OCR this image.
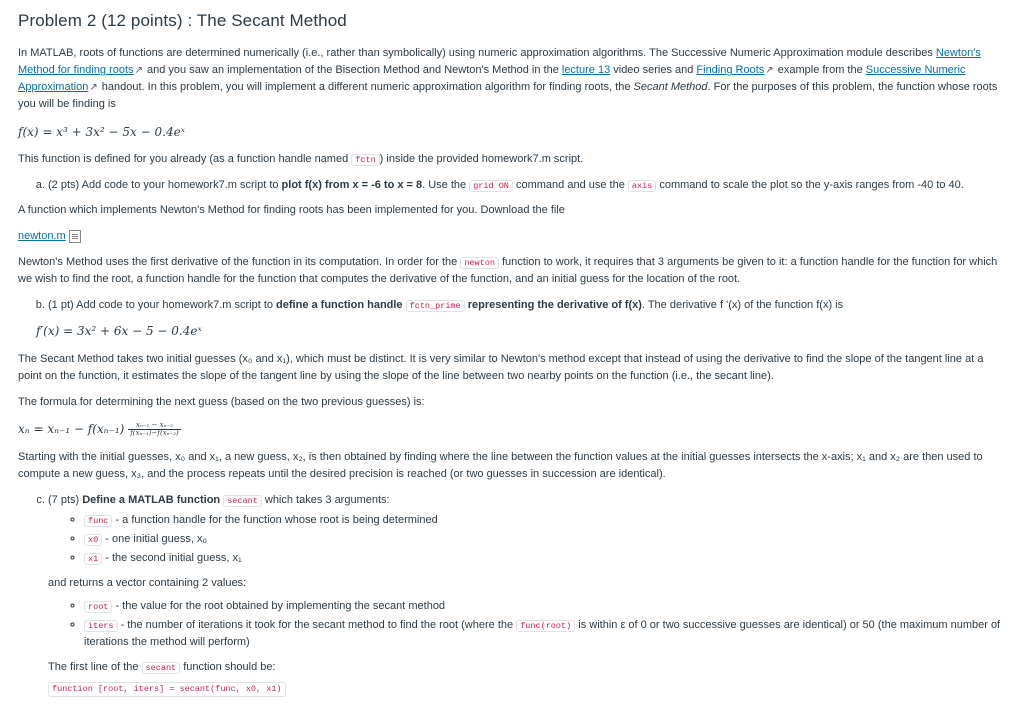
Problem 2 (12 points) : The Secant Method

In MATLAB, roots of functions are determined numerically (i.e., rather than symbolically) using numeric approximation algorithms. The Successive Numeric Approximation module describes Newton's Method for finding roots↗ and you saw an implementation of the Bisection Method and Newton's Method in the lecture 13 video series and Finding Roots↗ example from the Successive Numeric Approximation↗ handout. In this problem, you will implement a different numeric approximation algorithm for finding roots, the Secant Method. For the purposes of this problem, the function whose roots you will be finding is

f(x) = x³ + 3x² − 5x − 0.4eˣ

This function is defined for you already (as a function handle named fctn ) inside the provided homework7.m script.

a. (2 pts) Add code to your homework7.m script to plot f(x) from x = -6 to x = 8. Use the grid ON command and use the axis command to scale the plot so the y-axis ranges from -40 to 40.

A function which implements Newton's Method for finding roots has been implemented for you. Download the file

newton.m

Newton's Method uses the first derivative of the function in its computation. In order for the newton function to work, it requires that 3 arguments be given to it: a function handle for the function for which we wish to find the root, a function handle for the function that computes the derivative of the function, and an initial guess for the location of the root.

b. (1 pt) Add code to your homework7.m script to define a function handle fctn_prime representing the derivative of f(x). The derivative f '(x) of the function f(x) is
f′(x) = 3x² + 6x − 5 − 0.4eˣ

The Secant Method takes two initial guesses (x₀ and x₁), which must be distinct. It is very similar to Newton's method except that instead of using the derivative to find the slope of the tangent line at a point on the function, it estimates the slope of the tangent line by using the slope of the line between two nearby points on the function (i.e., the secant line).

The formula for determining the next guess (based on the two previous guesses) is:

$x_n = x_{n-1} - f(x_{n-1}) \frac{\text{xₙ₋₁ − xₙ₋₂}}{\text{f(xₙ₋₁)−f(xₙ₋₂)}}$

Starting with the initial guesses, x₀ and x₁, a new guess, x₂, is then obtained by finding where the line between the function values at the initial guesses intersects the x-axis; x₁ and x₂ are then used to compute a new guess, x₃, and the process repeats until the desired precision is reached (or two guesses in succession are identical).

c. (7 pts) Define a MATLAB function secant which takes 3 arguments:
◦ func - a function handle for the function whose root is being determined
◦ x0 - one initial guess, x₀
◦ x1 - the second initial guess, x₁
and returns a vector containing 2 values:
◦ root - the value for the root obtained by implementing the secant method
◦ iters - the number of iterations it took for the secant method to find the root (where the func(root) is within ε of 0 or two successive guesses are identical) or 50 (the maximum number of iterations the method will perform)
The first line of the secant function should be:
function [root, iters] = secant(func, x0, x1)
